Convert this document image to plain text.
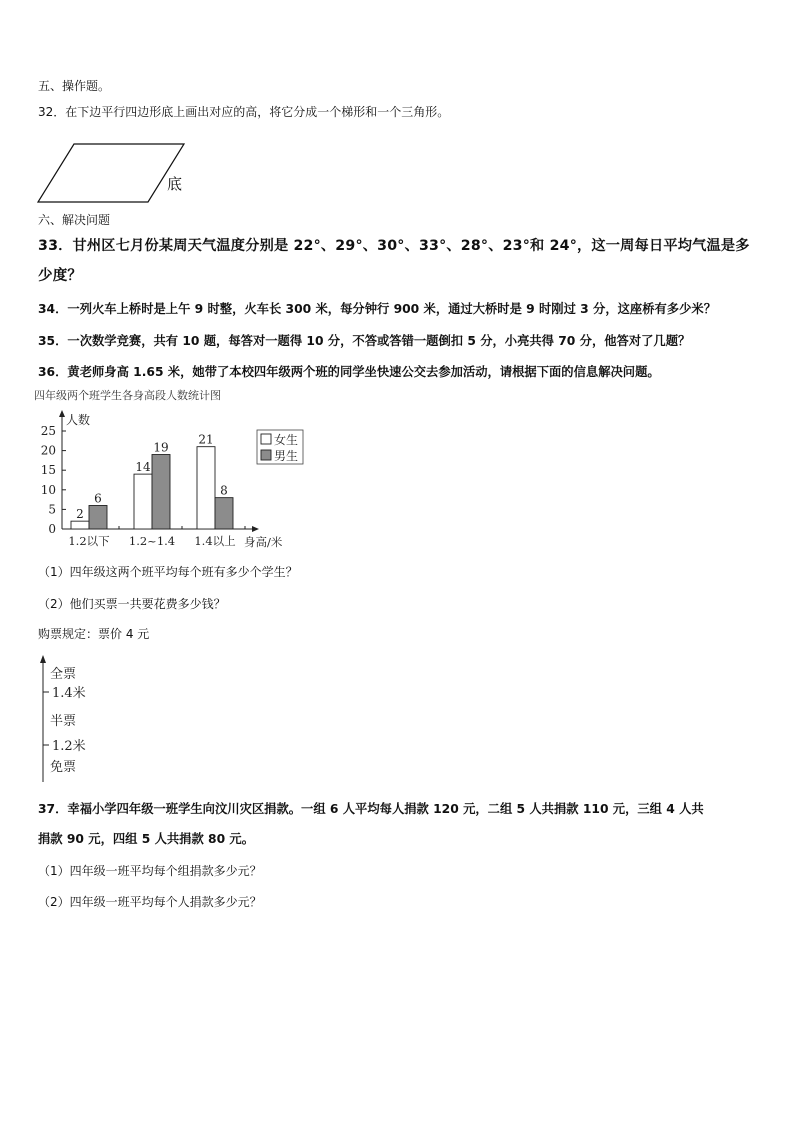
五、操作题。
32．在下边平行四边形底上画出对应的高，将它分成一个梯形和一个三角形。
底
六、解决问题
33．甘州区七月份某周天气温度分别是 22°、29°、30°、33°、28°、23°和 24°，这一周每日平均气温是多
少度？
34．一列火车上桥时是上午 9 时整，火车长 300 米，每分钟行 900 米，通过大桥时是 9 时刚过 3 分，这座桥有多少米？
35．一次数学竞赛，共有 10 题，每答对一题得 10 分，不答或答错一题倒扣 5 分，小亮共得 70 分，他答对了几题？
36．黄老师身高 1.65 米，她带了本校四年级两个班的同学坐快速公交去参加活动，请根据下面的信息解决问题。
四年级两个班学生各身高段人数统计图
人数
身高/米
0
5
10
15
20
25
2
6
14
19
21
8
1.2以下 1.2~1.4 1.4以上
女生
男生
（1）四年级这两个班平均每个班有多少个学生？
（2）他们买票一共要花费多少钱？
购票规定：票价 4 元
全票
1.4米
半票
1.2米
免票
37．幸福小学四年级一班学生向汶川灾区捐款。一组 6 人平均每人捐款 120 元，二组 5 人共捐款 110 元，三组 4 人共
捐款 90 元，四组 5 人共捐款 80 元。
（1）四年级一班平均每个组捐款多少元？
（2）四年级一班平均每个人捐款多少元？
